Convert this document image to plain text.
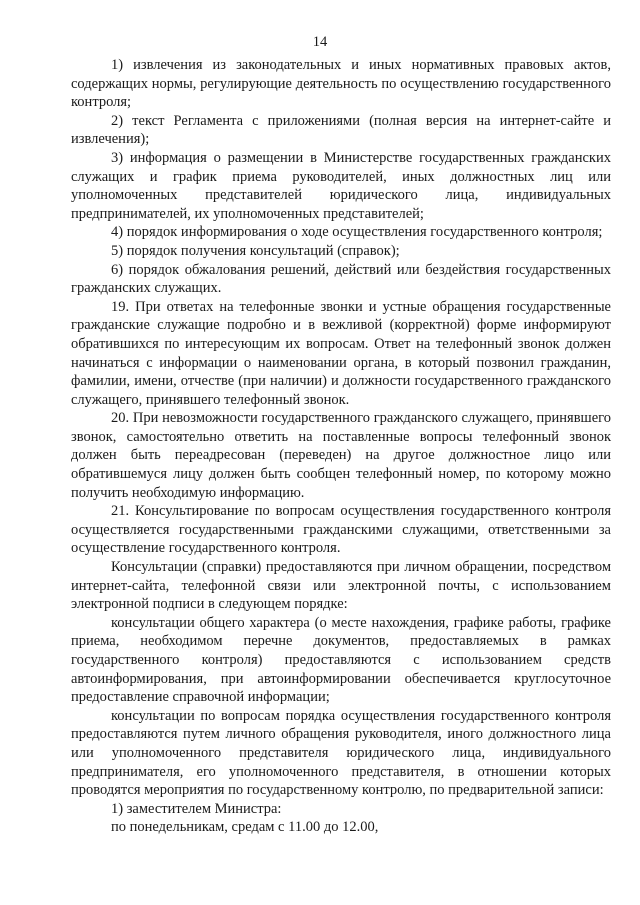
14

1) извлечения из законодательных и иных нормативных правовых актов, содержащих нормы, регулирующие деятельность по осуществлению государственного контроля;

2) текст Регламента с приложениями (полная версия на интернет-сайте и извлечения);

3) информация о размещении в Министерстве государственных гражданских служащих и график приема руководителей, иных должностных лиц или уполномоченных представителей юридического лица, индивидуальных предпринимателей, их уполномоченных представителей;

4) порядок информирования о ходе осуществления государственного контроля;

5) порядок получения консультаций (справок);

6) порядок обжалования решений, действий или бездействия государственных гражданских служащих.

19. При ответах на телефонные звонки и устные обращения государственные гражданские служащие подробно и в вежливой (корректной) форме информируют обратившихся по интересующим их вопросам. Ответ на телефонный звонок должен начинаться с информации о наименовании органа, в который позвонил гражданин, фамилии, имени, отчестве (при наличии) и должности государственного гражданского служащего, принявшего телефонный звонок.

20. При невозможности государственного гражданского служащего, принявшего звонок, самостоятельно ответить на поставленные вопросы телефонный звонок должен быть переадресован (переведен) на другое должностное лицо или обратившемуся лицу должен быть сообщен телефонный номер, по которому можно получить необходимую информацию.

21. Консультирование по вопросам осуществления государственного контроля осуществляется государственными гражданскими служащими, ответственными за осуществление государственного контроля.

Консультации (справки) предоставляются при личном обращении, посредством интернет-сайта, телефонной связи или электронной почты, с использованием электронной подписи в следующем порядке:

консультации общего характера (о месте нахождения, графике работы, графике приема, необходимом перечне документов, предоставляемых в рамках государственного контроля) предоставляются с использованием средств автоинформирования, при автоинформировании обеспечивается круглосуточное предоставление справочной информации;

консультации по вопросам порядка осуществления государственного контроля предоставляются путем личного обращения руководителя, иного должностного лица или уполномоченного представителя юридического лица, индивидуального предпринимателя, его уполномоченного представителя, в отношении которых проводятся мероприятия по государственному контролю, по предварительной записи:

1) заместителем Министра:

по понедельникам, средам с 11.00 до 12.00,
